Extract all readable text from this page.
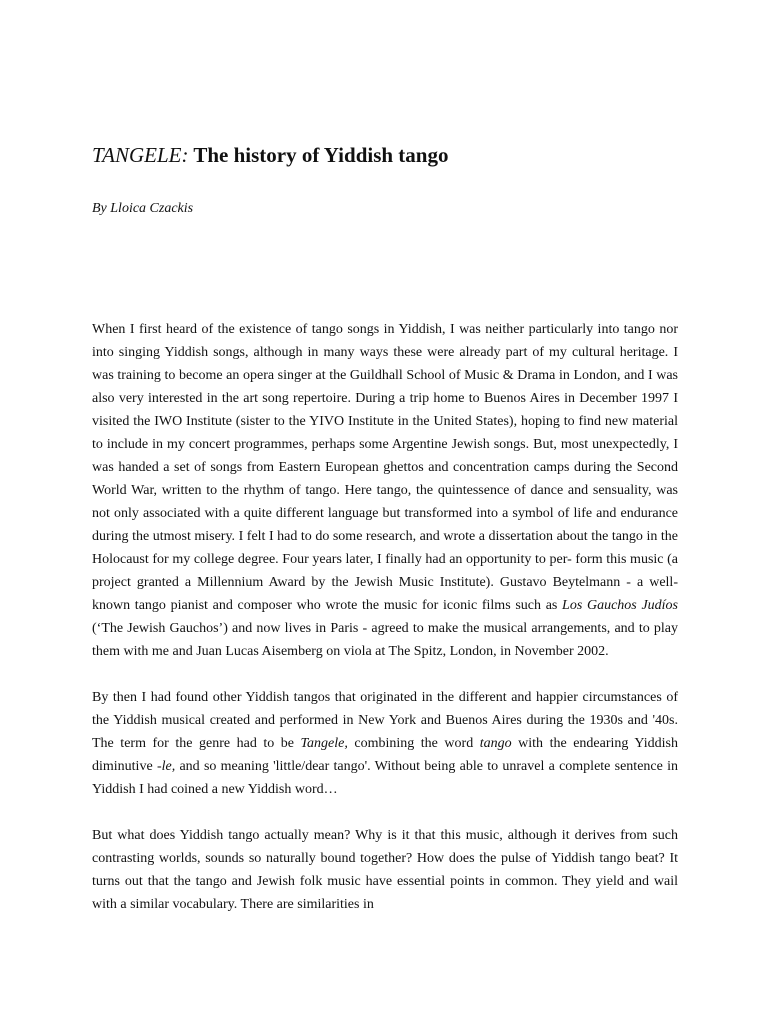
TANGELE: The history of Yiddish tango

By Lloica Czackis

When I first heard of the existence of tango songs in Yiddish, I was neither particularly into tango nor into singing Yiddish songs, although in many ways these were already part of my cultural heritage. I was training to become an opera singer at the Guildhall School of Music & Drama in London, and I was also very interested in the art song repertoire. During a trip home to Buenos Aires in December 1997 I visited the IWO Institute (sister to the YIVO Institute in the United States), hoping to find new material to include in my concert programmes, perhaps some Argentine Jewish songs. But, most unexpectedly, I was handed a set of songs from Eastern European ghettos and concentration camps during the Second World War, written to the rhythm of tango. Here tango, the quintessence of dance and sensuality, was not only associated with a quite different language but transformed into a symbol of life and endurance during the utmost misery. I felt I had to do some research, and wrote a dissertation about the tango in the Holocaust for my college degree. Four years later, I finally had an opportunity to per- form this music (a project granted a Millennium Award by the Jewish Music Institute). Gustavo Beytelmann - a well-known tango pianist and composer who wrote the music for iconic films such as Los Gauchos Judíos (‘The Jewish Gauchos’) and now lives in Paris - agreed to make the musical arrangements, and to play them with me and Juan Lucas Aisemberg on viola at The Spitz, London, in November 2002.

By then I had found other Yiddish tangos that originated in the different and happier circumstances of the Yiddish musical created and performed in New York and Buenos Aires during the 1930s and '40s. The term for the genre had to be Tangele, combining the word tango with the endearing Yiddish diminutive -le, and so meaning 'little/dear tango'. Without being able to unravel a complete sentence in Yiddish I had coined a new Yiddish word…

But what does Yiddish tango actually mean? Why is it that this music, although it derives from such contrasting worlds, sounds so naturally bound together? How does the pulse of Yiddish tango beat? It turns out that the tango and Jewish folk music have essential points in common. They yield and wail with a similar vocabulary. There are similarities in
